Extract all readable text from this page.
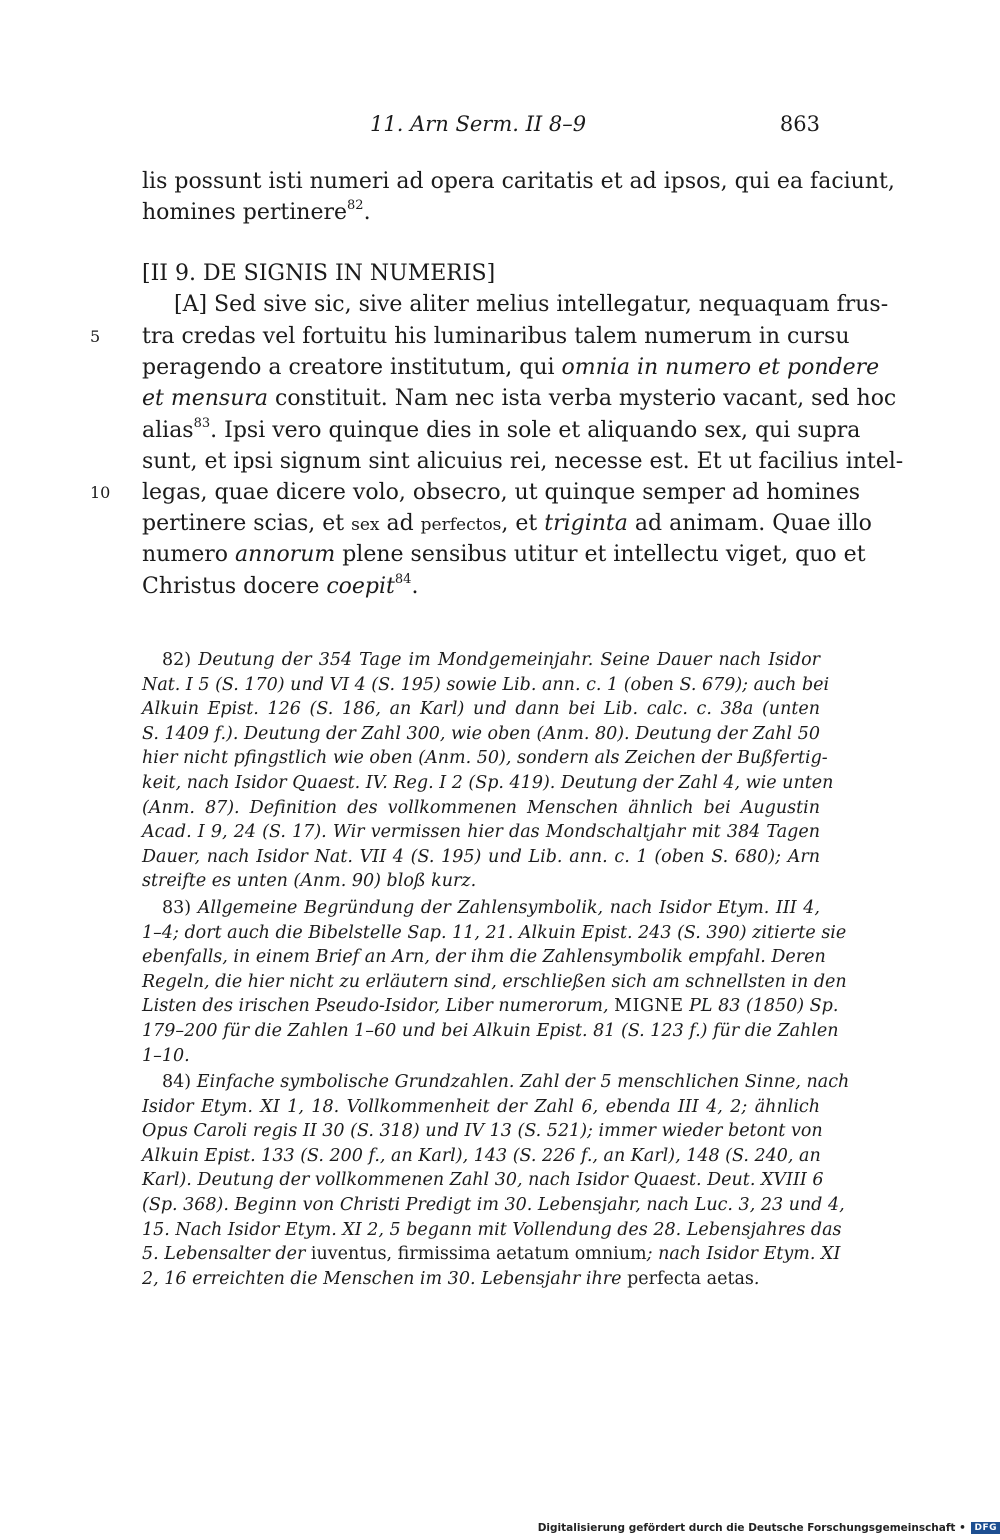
11. Arn Serm. II 8–9	863
lis possunt isti numeri ad opera caritatis et ad ipsos, qui ea faciunt,
homines pertinere$^{82}$.
[II 9. DE SIGNIS IN NUMERIS]
[A] Sed sive sic, sive aliter melius intellegatur, nequaquam frus-
5 tra credas vel fortuitu his luminaribus talem numerum in cursu
peragendo a creatore institutum, qui omnia in numero et pondere
et mensura constituit. Nam nec ista verba mysterio vacant, sed hoc
alias$^{83}$. Ipsi vero quinque dies in sole et aliquando sex, qui supra
sunt, et ipsi signum sint alicuius rei, necesse est. Et ut facilius intel-
10 legas, quae dicere volo, obsecro, ut quinque semper ad homines
pertinere scias, et sex ad perfectos, et triginta ad animam. Quae illo
numero annorum plene sensibus utitur et intellectu viget, quo et
Christus docere coepit$^{84}$.
82) Deutung der 354 Tage im Mondgemeinjahr. Seine Dauer nach Isidor
Nat. I 5 (S. 170) und VI 4 (S. 195) sowie Lib. ann. c. 1 (oben S. 679); auch bei
Alkuin Epist. 126 (S. 186, an Karl) und dann bei Lib. calc. c. 38a (unten
S. 1409 f.). Deutung der Zahl 300, wie oben (Anm. 80). Deutung der Zahl 50
hier nicht pfingstlich wie oben (Anm. 50), sondern als Zeichen der Bußfertig-
keit, nach Isidor Quaest. IV. Reg. I 2 (Sp. 419). Deutung der Zahl 4, wie unten
(Anm. 87). Definition des vollkommenen Menschen ähnlich bei Augustin
Acad. I 9, 24 (S. 17). Wir vermissen hier das Mondschaltjahr mit 384 Tagen
Dauer, nach Isidor Nat. VII 4 (S. 195) und Lib. ann. c. 1 (oben S. 680); Arn
streifte es unten (Anm. 90) bloß kurz.
83) Allgemeine Begründung der Zahlensymbolik, nach Isidor Etym. III 4,
1–4; dort auch die Bibelstelle Sap. 11, 21. Alkuin Epist. 243 (S. 390) zitierte sie
ebenfalls, in einem Brief an Arn, der ihm die Zahlensymbolik empfahl. Deren
Regeln, die hier nicht zu erläutern sind, erschließen sich am schnellsten in den
Listen des irischen Pseudo-Isidor, Liber numerorum, MIGNE PL 83 (1850) Sp.
179–200 für die Zahlen 1–60 und bei Alkuin Epist. 81 (S. 123 f.) für die Zahlen
1–10.
84) Einfache symbolische Grundzahlen. Zahl der 5 menschlichen Sinne, nach
Isidor Etym. XI 1, 18. Vollkommenheit der Zahl 6, ebenda III 4, 2; ähnlich
Opus Caroli regis II 30 (S. 318) und IV 13 (S. 521); immer wieder betont von
Alkuin Epist. 133 (S. 200 f., an Karl), 143 (S. 226 f., an Karl), 148 (S. 240, an
Karl). Deutung der vollkommenen Zahl 30, nach Isidor Quaest. Deut. XVIII 6
(Sp. 368). Beginn von Christi Predigt im 30. Lebensjahr, nach Luc. 3, 23 und 4,
15. Nach Isidor Etym. XI 2, 5 begann mit Vollendung des 28. Lebensjahres das
5. Lebensalter der iuventus, firmissima aetatum omnium; nach Isidor Etym. XI
2, 16 erreichten die Menschen im 30. Lebensjahr ihre perfecta aetas.
Digitalisierung gefördert durch die Deutsche Forschungsgemeinschaft • DFG
